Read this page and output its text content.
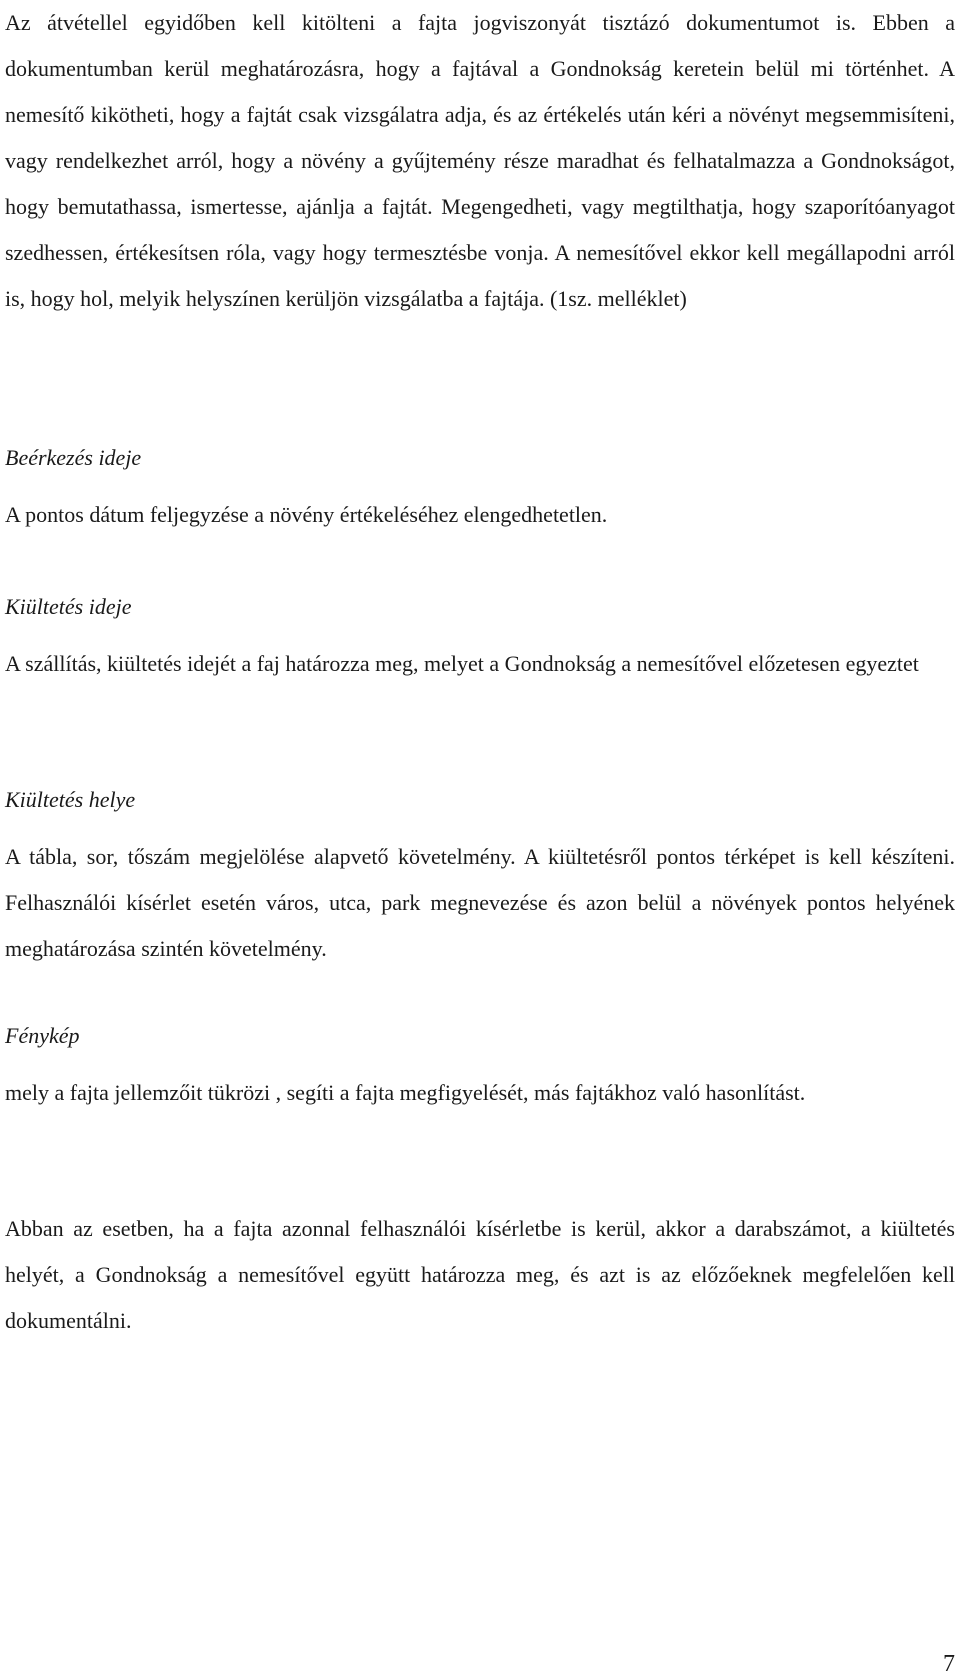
Az átvétellel egyidőben kell kitölteni a fajta jogviszonyát tisztázó dokumentumot is. Ebben a dokumentumban kerül meghatározásra, hogy a fajtával a Gondnokság keretein belül mi történhet. A nemesítő kikötheti, hogy a fajtát csak vizsgálatra adja, és az értékelés után kéri a növényt megsemmisíteni, vagy rendelkezhet arról, hogy a növény a gyűjtemény része maradhat és felhatalmazza a Gondnokságot, hogy bemutathassa, ismertesse, ajánlja a fajtát. Megengedheti, vagy megtilthatja, hogy szaporítóanyagot szedhessen, értékesítsen róla, vagy hogy termesztésbe vonja. A nemesítővel ekkor kell megállapodni arról is, hogy hol, melyik helyszínen kerüljön vizsgálatba a fajtája. (1sz. melléklet)

Beérkezés ideje

A pontos dátum feljegyzése a növény értékeléséhez elengedhetetlen.

Kiültetés ideje

A szállítás, kiültetés idejét a faj határozza meg, melyet a Gondnokság a nemesítővel előzetesen egyeztet

Kiültetés helye

A tábla, sor, tőszám megjelölése alapvető követelmény. A kiültetésről pontos térképet is kell készíteni. Felhasználói kísérlet esetén város, utca, park megnevezése és azon belül a növények pontos helyének meghatározása szintén követelmény.

Fénykép

mely a fajta jellemzőit tükrözi , segíti a fajta megfigyelését, más fajtákhoz való hasonlítást.

Abban az esetben, ha a fajta azonnal felhasználói kísérletbe is kerül, akkor a darabszámot, a kiültetés helyét, a Gondnokság a nemesítővel együtt határozza meg, és azt is az előzőeknek megfelelően kell dokumentálni.

7
